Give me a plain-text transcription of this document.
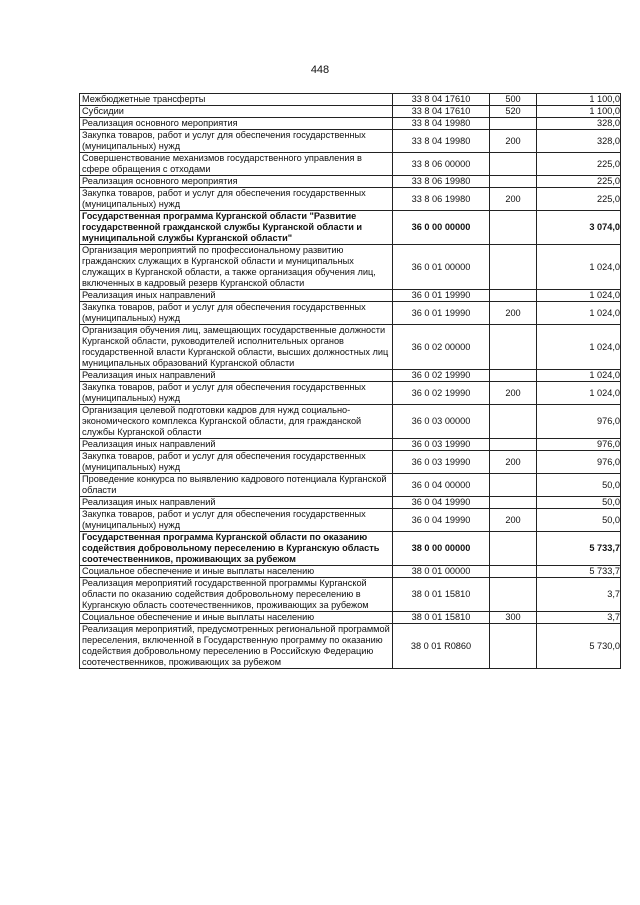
448
Межбюджетные трансферты	33 8 04 17610	500	1 100,0
Субсидии	33 8 04 17610	520	1 100,0
Реализация основного мероприятия	33 8 04 19980		328,0
Закупка товаров, работ и услуг для обеспечения государственных (муниципальных) нужд	33 8 04 19980	200	328,0
Совершенствование механизмов государственного управления в сфере обращения с отходами	33 8 06 00000		225,0
Реализация основного мероприятия	33 8 06 19980		225,0
Закупка товаров, работ и услуг для обеспечения государственных (муниципальных) нужд	33 8 06 19980	200	225,0
Государственная программа Курганской области "Развитие государственной гражданской службы Курганской области и муниципальной службы Курганской области"	36 0 00 00000		3 074,0
Организация мероприятий по профессиональному развитию гражданских служащих в Курганской области и муниципальных служащих в Курганской области, а также организация обучения лиц, включенных в кадровый резерв Курганской области	36 0 01 00000		1 024,0
Реализация иных направлений	36 0 01 19990		1 024,0
Закупка товаров, работ и услуг для обеспечения государственных (муниципальных) нужд	36 0 01 19990	200	1 024,0
Организация обучения лиц, замещающих государственные должности Курганской области, руководителей исполнительных органов государственной власти Курганской области, высших должностных лиц муниципальных образований Курганской области	36 0 02 00000		1 024,0
Реализация иных направлений	36 0 02 19990		1 024,0
Закупка товаров, работ и услуг для обеспечения государственных (муниципальных) нужд	36 0 02 19990	200	1 024,0
Организация целевой подготовки кадров для нужд социально-экономического комплекса Курганской области, для гражданской службы Курганской области	36 0 03 00000		976,0
Реализация иных направлений	36 0 03 19990		976,0
Закупка товаров, работ и услуг для обеспечения государственных (муниципальных) нужд	36 0 03 19990	200	976,0
Проведение конкурса по выявлению кадрового потенциала Курганской области	36 0 04 00000		50,0
Реализация иных направлений	36 0 04 19990		50,0
Закупка товаров, работ и услуг для обеспечения государственных (муниципальных) нужд	36 0 04 19990	200	50,0
Государственная программа Курганской области по оказанию содействия добровольному переселению в Курганскую область соотечественников, проживающих за рубежом	38 0 00 00000		5 733,7
Социальное обеспечение и иные выплаты населению	38 0 01 00000		5 733,7
Реализация мероприятий государственной программы Курганской области по оказанию содействия добровольному переселению в Курганскую область соотечественников, проживающих за рубежом	38 0 01 15810		3,7
Социальное обеспечение и иные выплаты населению	38 0 01 15810	300	3,7
Реализация мероприятий, предусмотренных региональной программой переселения, включенной в Государственную программу по оказанию содействия добровольному переселению в Российскую Федерацию соотечественников, проживающих за рубежом	38 0 01 R0860		5 730,0
